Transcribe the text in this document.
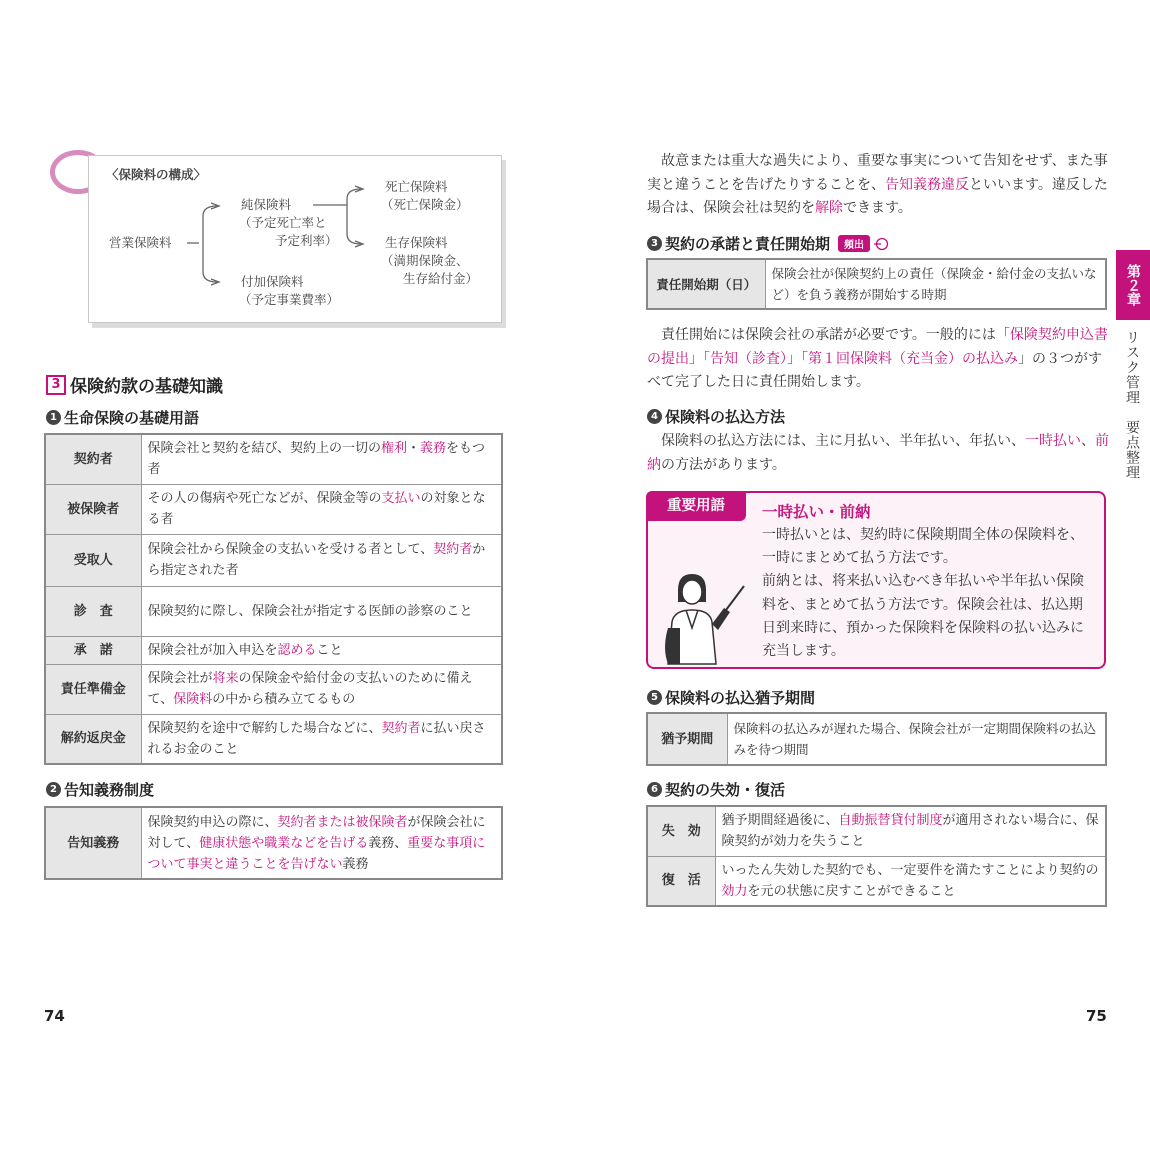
〈保険料の構成〉
営業保険料
純保険料
（予定死亡率と
予定利率）
付加保険料
（予定事業費率）
死亡保険料
（死亡保険金）
生存保険料
（満期保険金、
生存給付金）
3 保険約款の基礎知識
1 生命保険の基礎用語
契約者	保険会社と契約を結び、契約上の一切の権利・義務をもつ者
被保険者	その人の傷病や死亡などが、保険金等の支払いの対象となる者
受取人	保険会社から保険金の支払いを受ける者として、契約者から指定された者
診　査	保険契約に際し、保険会社が指定する医師の診察のこと
承　諾	保険会社が加入申込を認めること
責任準備金	保険会社が将来の保険金や給付金の支払いのために備えて、保険料の中から積み立てるもの
解約返戻金	保険契約を途中で解約した場合などに、契約者に払い戻されるお金のこと
2 告知義務制度
告知義務	保険契約申込の際に、契約者または被保険者が保険会社に対して、健康状態や職業などを告げる義務、重要な事項について事実と違うことを告げない義務
74
　故意または重大な過失により、重要な事実について告知をせず、また事実と違うことを告げたりすることを、告知義務違反といいます。違反した場合は、保険会社は契約を解除できます。
3 契約の承諾と責任開始期	頻出
責任開始期（日）	保険会社が保険契約上の責任（保険金・給付金の支払いなど）を負う義務が開始する時期
　責任開始には保険会社の承諾が必要です。一般的には「保険契約申込書の提出」「告知（診査）」「第１回保険料（充当金）の払込み」の３つがすべて完了した日に責任開始します。
4 保険料の払込方法
　保険料の払込方法には、主に月払い、半年払い、年払い、一時払い、前納の方法があります。
重要用語	一時払い・前納
一時払いとは、契約時に保険期間全体の保険料を、一時にまとめて払う方法です。
前納とは、将来払い込むべき年払いや半年払い保険料を、まとめて払う方法です。保険会社は、払込期日到来時に、預かった保険料を保険料の払い込みに充当します。
5 保険料の払込猶予期間
猶予期間	保険料の払込みが遅れた場合、保険会社が一定期間保険料の払込みを待つ期間
6 契約の失効・復活
失　効	猶予期間経過後に、自動振替貸付制度が適用されない場合に、保険契約が効力を失うこと
復　活	いったん失効した契約でも、一定要件を満たすことにより契約の効力を元の状態に戻すことができること
第２章
リスク管理　要点整理
75
